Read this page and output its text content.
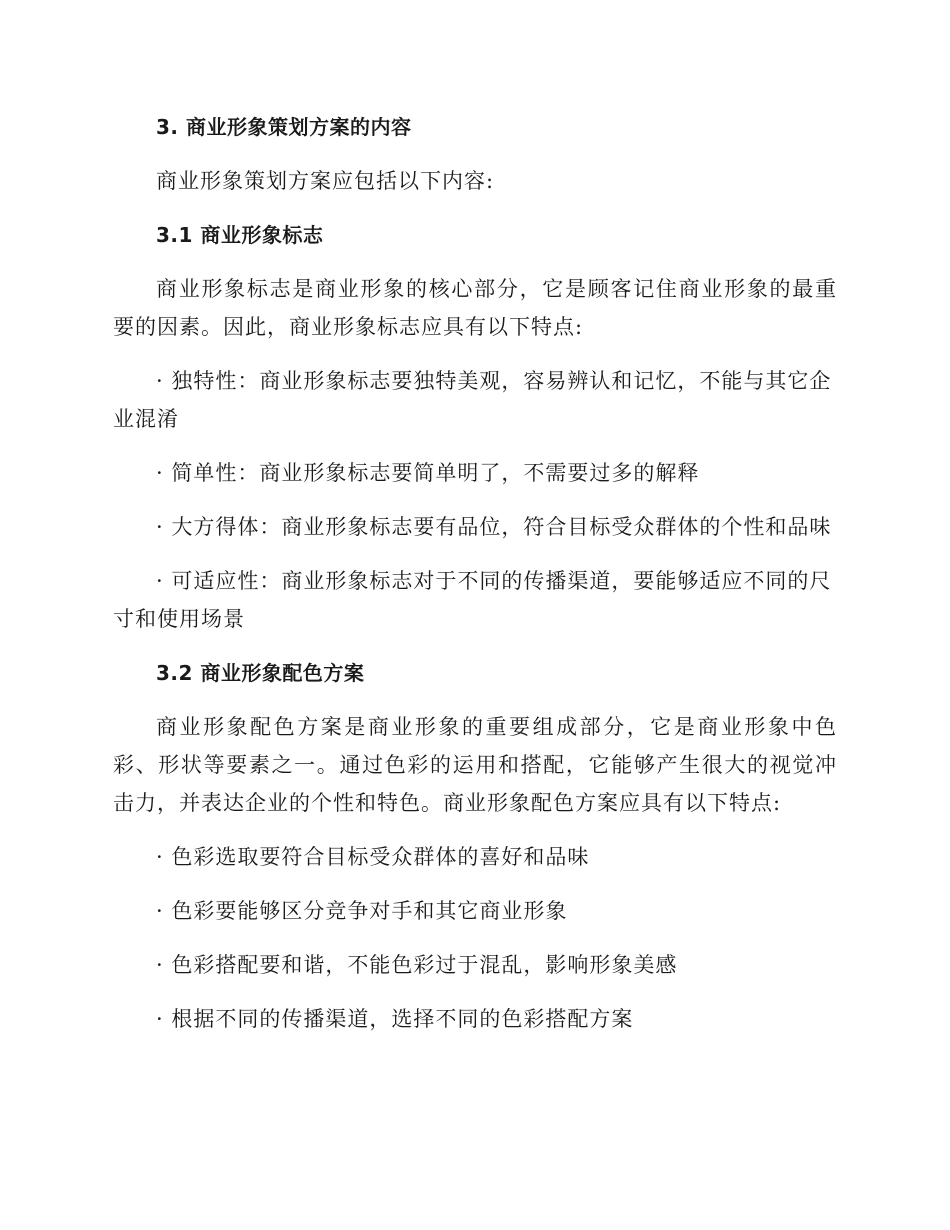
3. 商业形象策划方案的内容

商业形象策划方案应包括以下内容:

3.1 商业形象标志

商业形象标志是商业形象的核心部分，它是顾客记住商业形象的最重要的因素。因此，商业形象标志应具有以下特点:

· 独特性：商业形象标志要独特美观，容易辨认和记忆，不能与其它企业混淆

· 简单性：商业形象标志要简单明了，不需要过多的解释

· 大方得体：商业形象标志要有品位，符合目标受众群体的个性和品味

· 可适应性：商业形象标志对于不同的传播渠道，要能够适应不同的尺寸和使用场景

3.2 商业形象配色方案

商业形象配色方案是商业形象的重要组成部分，它是商业形象中色彩、形状等要素之一。通过色彩的运用和搭配，它能够产生很大的视觉冲击力，并表达企业的个性和特色。商业形象配色方案应具有以下特点:

· 色彩选取要符合目标受众群体的喜好和品味

· 色彩要能够区分竞争对手和其它商业形象

· 色彩搭配要和谐，不能色彩过于混乱，影响形象美感

· 根据不同的传播渠道，选择不同的色彩搭配方案
